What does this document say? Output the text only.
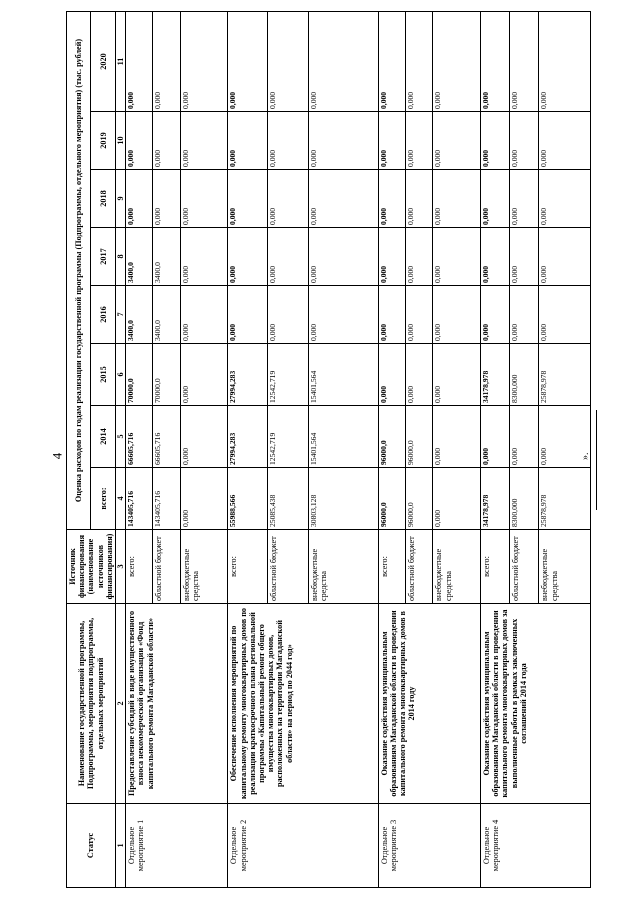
4	».
Статус	Наименование государственной программы, Подпрограммы, мероприятия подпрограммы, отдельных мероприятий	Источник финансирования (наименование источников финансирования)	Оценка расходов по годам реализации государственной программы (Подпрограммы, отдельного мероприятия) (тыс. рублей)							
			всего:	2014	2015	2016	2017	2018	2019	2020
1	2	3	4	5	6	7	8	9	10	11
Отдельное мероприятие 1	Предоставление субсидий в виде имущественного взноса некоммерческой организации «Фонд капитального ремонта Магаданской области»	всего:	143405,716	66605,716	70000,0	3400,0	3400,0	0,000	0,000	0,000
		областной бюджет	143405,716	66605,716	70000,0	3400,0	3400,0	0,000	0,000	0,000
		внебюджетные средства	0,000	0,000	0,000	0,000	0,000	0,000	0,000	0,000
Отдельное мероприятие 2	Обеспечение исполнения мероприятий по капитальному ремонту многоквартирных домов по реализации краткосрочного плана региональной программы «Капитальный ремонт общего имущества многоквартирных домов, расположенных на территории Магаданской области» на период по 2044 год»	всего:	55988,566	27994,283	27994,283	0,000	0,000	0,000	0,000	0,000
		областной бюджет	25085,438	12542,719	12542,719	0,000	0,000	0,000	0,000	0,000
		внебюджетные средства	30803,128	15401,564	15401,564	0,000	0,000	0,000	0,000	0,000
Отдельное мероприятие 3	Оказание содействия муниципальным образованиям Магаданской области в проведении капитального ремонта многоквартирных домов в 2014 году	всего:	96000,0	96000,0	0,000	0,000	0,000	0,000	0,000	0,000
		областной бюджет	96000,0	96000,0	0,000	0,000	0,000	0,000	0,000	0,000
		внебюджетные средства	0,000	0,000	0,000	0,000	0,000	0,000	0,000	0,000
Отдельное мероприятие 4	Оказание содействия муниципальным образованиям Магаданской области в проведении капитального ремонта многоквартирных домов за выполненные работы в рамках заключенных соглашений 2014 года	всего:	34178,978	0,000	34178,978	0,000	0,000	0,000	0,000	0,000
		областной бюджет	8300,000	0,000	8300,000	0,000	0,000	0,000	0,000	0,000
		внебюджетные средства	25878,978	0,000	25878,978	0,000	0,000	0,000	0,000	0,000
